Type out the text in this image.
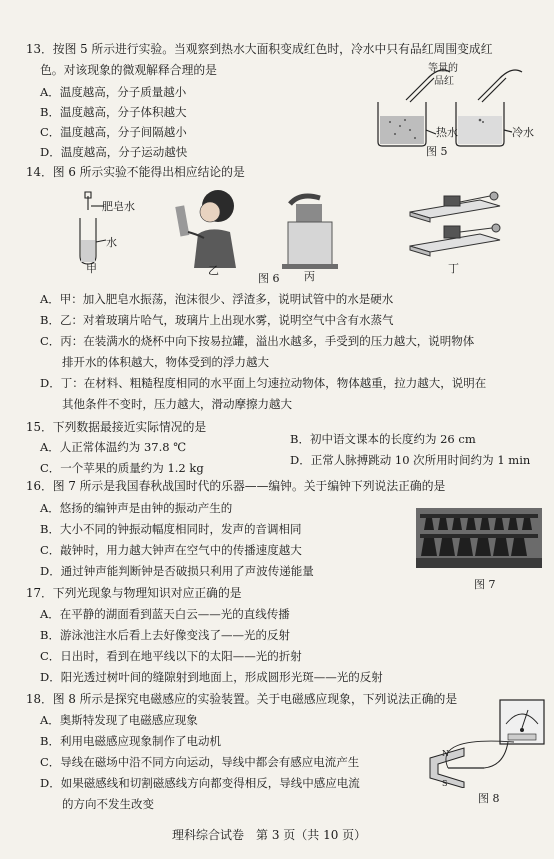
13．按图 5 所示进行实验。当观察到热水大面积变成红色时，冷水中只有品红周围变成红
色。对该现象的微观解释合理的是
A．温度越高，分子质量越小
B．温度越高，分子体积越大
C．温度越高，分子间隔越小
D．温度越高，分子运动越快
等量的
品红
热水	冷水
图 5
14．图 6 所示实验不能得出相应结论的是
肥皂水
水
甲	乙	丙
丁
图 6
A．甲：加入肥皂水振荡，泡沫很少、浮渣多，说明试管中的水是硬水
B．乙：对着玻璃片哈气，玻璃片上出现水雾，说明空气中含有水蒸气
C．丙：在装满水的烧杯中向下按易拉罐，溢出水越多，手受到的压力越大，说明物体
排开水的体积越大，物体受到的浮力越大
D．丁：在材料、粗糙程度相同的水平面上匀速拉动物体，物体越重，拉力越大，说明在
其他条件不变时，压力越大，滑动摩擦力越大
15．下列数据最接近实际情况的是
A．人正常体温约为 37.8 ℃
B．初中语文课本的长度约为 26 cm
C．一个苹果的质量约为 1.2 kg
D．正常人脉搏跳动 10 次所用时间约为 1 min
16．图 7 所示是我国春秋战国时代的乐器——编钟。关于编钟下列说法正确的是
A．悠扬的编钟声是由钟的振动产生的
B．大小不同的钟振动幅度相同时，发声的音调相同
C．敲钟时，用力越大钟声在空气中的传播速度越大
D．通过钟声能判断钟是否破损只利用了声波传递能量
图 7
17．下列光现象与物理知识对应正确的是
A．在平静的湖面看到蓝天白云——光的直线传播
B．游泳池注水后看上去好像变浅了——光的反射
C．日出时，看到在地平线以下的太阳——光的折射
D．阳光透过树叶间的缝隙射到地面上，形成圆形光斑——光的反射
18．图 8 所示是探究电磁感应的实验装置。关于电磁感应现象，下列说法正确的是
A．奥斯特发现了电磁感应现象
B．利用电磁感应现象制作了电动机
C．导线在磁场中沿不同方向运动，导线中都会有感应电流产生
D．如果磁感线和切割磁感线方向都变得相反，导线中感应电流
的方向不发生改变
N
S
图 8
理科综合试卷　第 3 页（共 10 页）
